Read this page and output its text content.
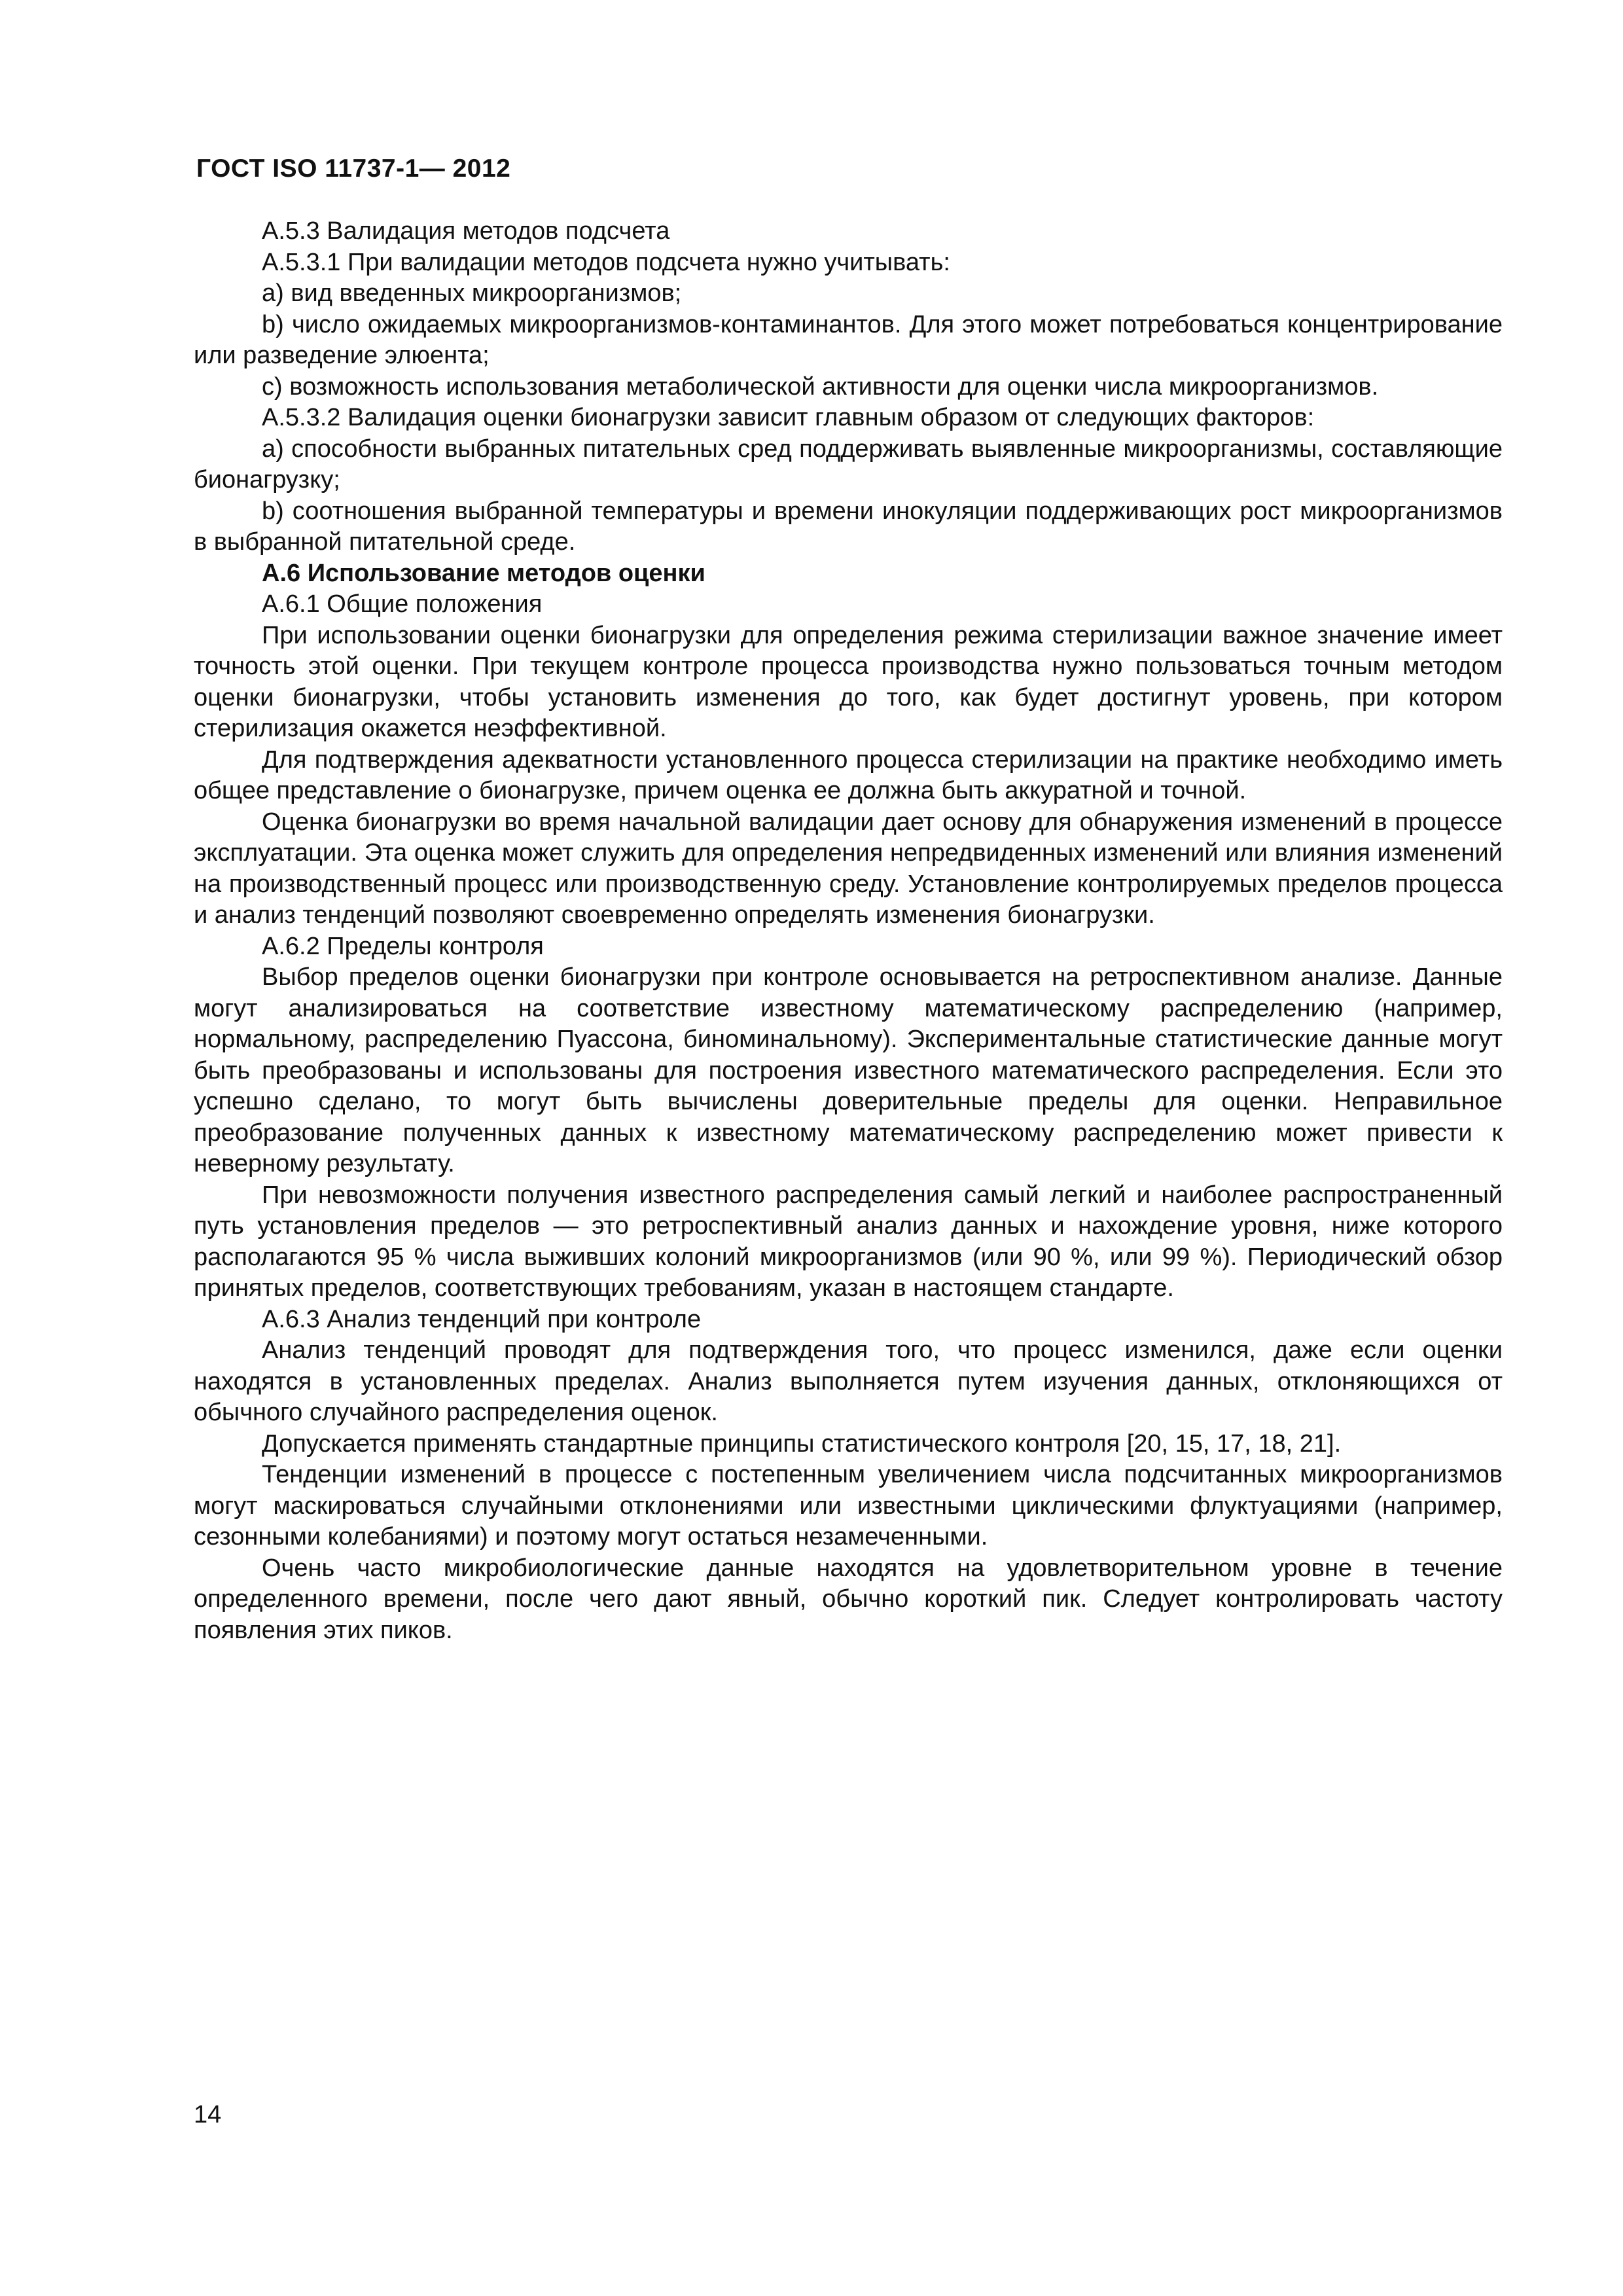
ГОСТ ISO 11737-1— 2012

А.5.3 Валидация методов подсчета

А.5.3.1 При валидации методов подсчета нужно учитывать:

a) вид введенных микроорганизмов;

b) число ожидаемых микроорганизмов-контаминантов. Для этого может потребоваться концентрирование или разведение элюента;

c) возможность использования метаболической активности для оценки числа микроорганизмов.

А.5.3.2 Валидация оценки бионагрузки зависит главным образом от следующих факторов:

a) способности выбранных питательных сред поддерживать выявленные микроорганизмы, составляющие бионагрузку;

b) соотношения выбранной температуры и времени инокуляции поддерживающих рост микроорганизмов в выбранной питательной среде.

А.6 Использование методов оценки

А.6.1 Общие положения

При использовании оценки бионагрузки для определения режима стерилизации важное значение имеет точность этой оценки. При текущем контроле процесса производства нужно пользоваться точным методом оценки бионагрузки, чтобы установить изменения до того, как будет достигнут уровень, при котором стерилизация окажется неэффективной.

Для подтверждения адекватности установленного процесса стерилизации на практике необходимо иметь общее представление о бионагрузке, причем оценка ее должна быть аккуратной и точной.

Оценка бионагрузки во время начальной валидации дает основу для обнаружения изменений в процессе эксплуатации. Эта оценка может служить для определения непредвиденных изменений или влияния изменений на производственный процесс или производственную среду. Установление контролируемых пределов процесса и анализ тенденций позволяют своевременно определять изменения бионагрузки.

А.6.2 Пределы контроля

Выбор пределов оценки бионагрузки при контроле основывается на ретроспективном анализе. Данные могут анализироваться на соответствие известному математическому распределению (например, нормальному, распределению Пуассона, биноминальному). Экспериментальные статистические данные могут быть преобразованы и использованы для построения известного математического распределения. Если это успешно сделано, то могут быть вычислены доверительные пределы для оценки. Неправильное преобразование полученных данных к известному математическому распределению может привести к неверному результату.

При невозможности получения известного распределения самый легкий и наиболее распространенный путь установления пределов — это ретроспективный анализ данных и нахождение уровня, ниже которого располагаются 95 % числа выживших колоний микроорганизмов (или 90 %, или 99 %). Периодический обзор принятых пределов, соответствующих требованиям, указан в настоящем стандарте.

А.6.3 Анализ тенденций при контроле

Анализ тенденций проводят для подтверждения того, что процесс изменился, даже если оценки находятся в установленных пределах. Анализ выполняется путем изучения данных, отклоняющихся от обычного случайного распределения оценок.

Допускается применять стандартные принципы статистического контроля [20, 15, 17, 18, 21].

Тенденции изменений в процессе с постепенным увеличением числа подсчитанных микроорганизмов могут маскироваться случайными отклонениями или известными циклическими флуктуациями (например, сезонными колебаниями) и поэтому могут остаться незамеченными.

Очень часто микробиологические данные находятся на удовлетворительном уровне в течение определенного времени, после чего дают явный, обычно короткий пик. Следует контролировать частоту появления этих пиков.

14
